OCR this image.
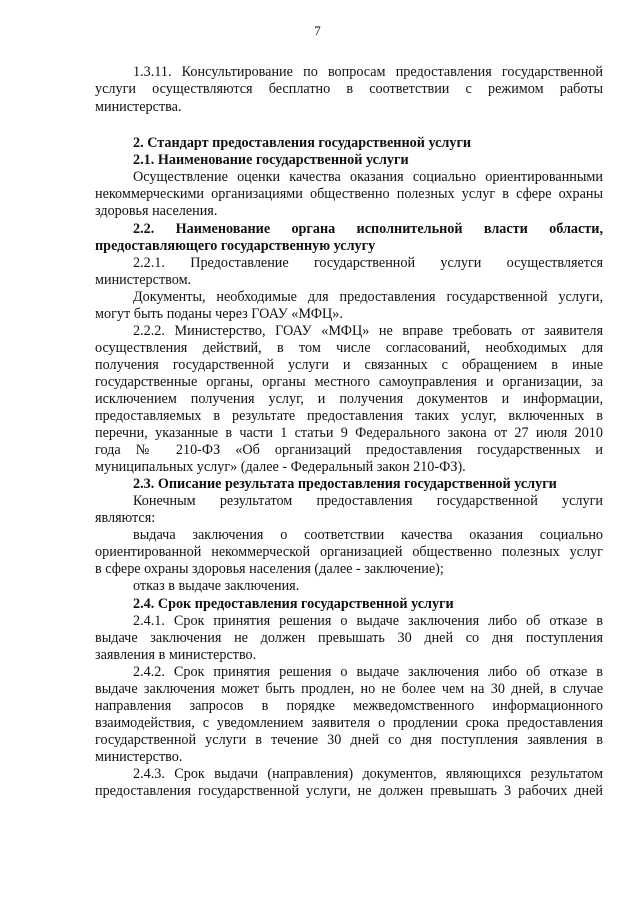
7
1.3.11. Консультирование по вопросам предоставления государственной
услуги осуществляются бесплатно в соответствии с режимом работы
министерства.
2. Стандарт предоставления государственной услуги
2.1. Наименование государственной услуги
Осуществление оценки качества оказания социально ориентированными
некоммерческими организациями общественно полезных услуг в сфере охраны
здоровья населения.
2.2. Наименование органа исполнительной власти области,
предоставляющего государственную услугу
2.2.1. Предоставление государственной услуги осуществляется
министерством.
Документы, необходимые для предоставления государственной услуги,
могут быть поданы через ГОАУ «МФЦ».
2.2.2. Министерство, ГОАУ «МФЦ» не вправе требовать от заявителя
осуществления действий, в том числе согласований, необходимых для
получения государственной услуги и связанных с обращением в иные
государственные органы, органы местного самоуправления и организации, за
исключением получения услуг, и получения документов и информации,
предоставляемых в результате предоставления таких услуг, включенных в
перечни, указанные в части 1 статьи 9 Федерального закона от 27 июля 2010
года № 210-ФЗ «Об организаций предоставления государственных и
муниципальных услуг» (далее - Федеральный закон 210-ФЗ).
2.3. Описание результата предоставления государственной услуги
Конечным результатом предоставления государственной услуги
являются:
выдача заключения о соответствии качества оказания социально
ориентированной некоммерческой организацией общественно полезных услуг
в сфере охраны здоровья населения (далее - заключение);
отказ в выдаче заключения.
2.4. Срок предоставления государственной услуги
2.4.1. Срок принятия решения о выдаче заключения либо об отказе в
выдаче заключения не должен превышать 30 дней со дня поступления
заявления в министерство.
2.4.2. Срок принятия решения о выдаче заключения либо об отказе в
выдаче заключения может быть продлен, но не более чем на 30 дней, в случае
направления запросов в порядке межведомственного информационного
взаимодействия, с уведомлением заявителя о продлении срока предоставления
государственной услуги в течение 30 дней со дня поступления заявления в
министерство.
2.4.3. Срок выдачи (направления) документов, являющихся результатом
предоставления государственной услуги, не должен превышать 3 рабочих дней
